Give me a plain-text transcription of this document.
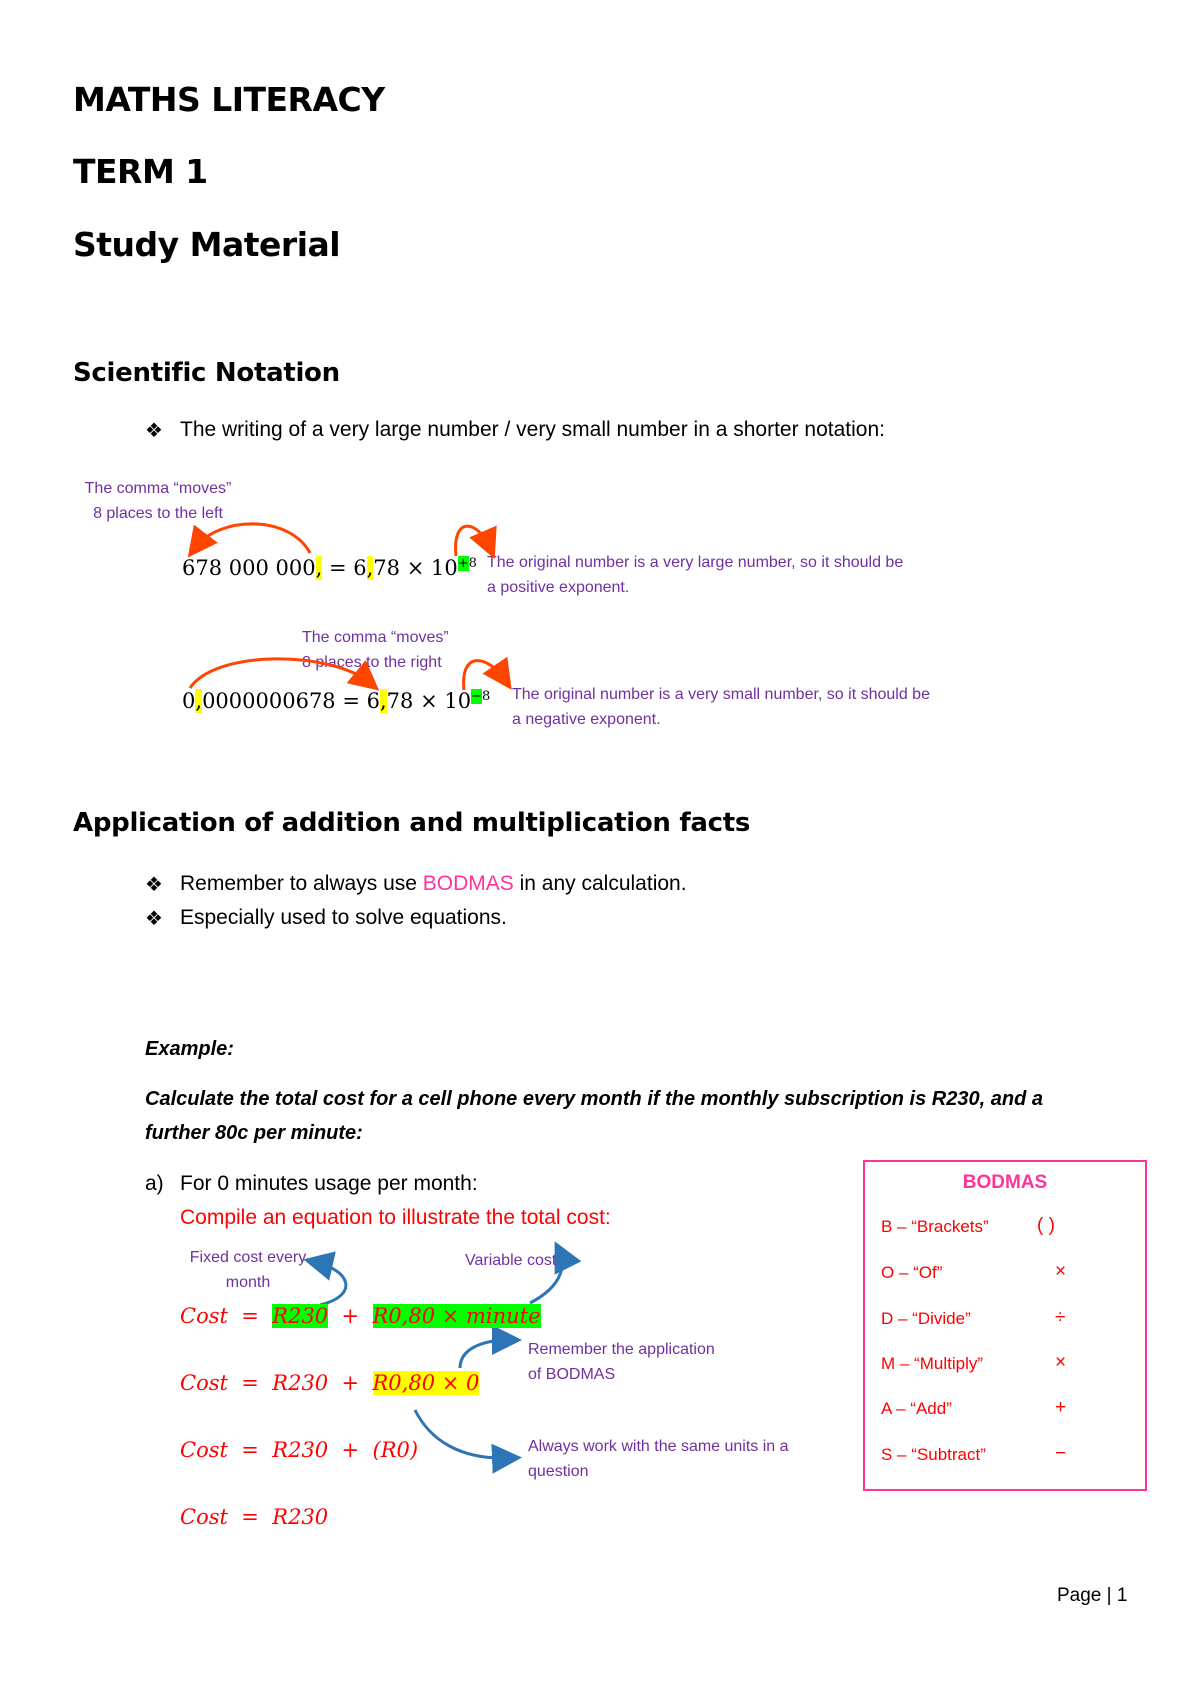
MATHS LITERACY
TERM 1
Study Material
Scientific Notation
❖ The writing of a very large number / very small number in a shorter notation:
The comma “moves”
8 places to the left
678 000 000, = $6,78 \times 10^{+8}$ The original number is a very large number, so it should be
a positive exponent.
The comma “moves”
8 places to the right
$0,0000000678 = 6,78 \times 10^{-8}$ The original number is a very small number, so it should be
a negative exponent.
Application of addition and multiplication facts
❖ Remember to always use BODMAS in any calculation.
❖ Especially used to solve equations.
Example:
Calculate the total cost for a cell phone every month if the monthly subscription is R230, and a
further 80c per minute:
a) For 0 minutes usage per month:
Compile an equation to illustrate the total cost:
Fixed cost every
month
Variable cost
Remember the application
of BODMAS
Always work with the same units in a
question
Cost = R230 + R0,80 × minute
Cost = R230 + R0,80 × 0
Cost = R230 + (R0)
Cost = R230
BODMAS
B – “Brackets”	( )
O – “Of”	×
D – “Divide”	÷
M – “Multiply”	×
A – “Add”	+
S – “Subtract”	−
Page | 1
